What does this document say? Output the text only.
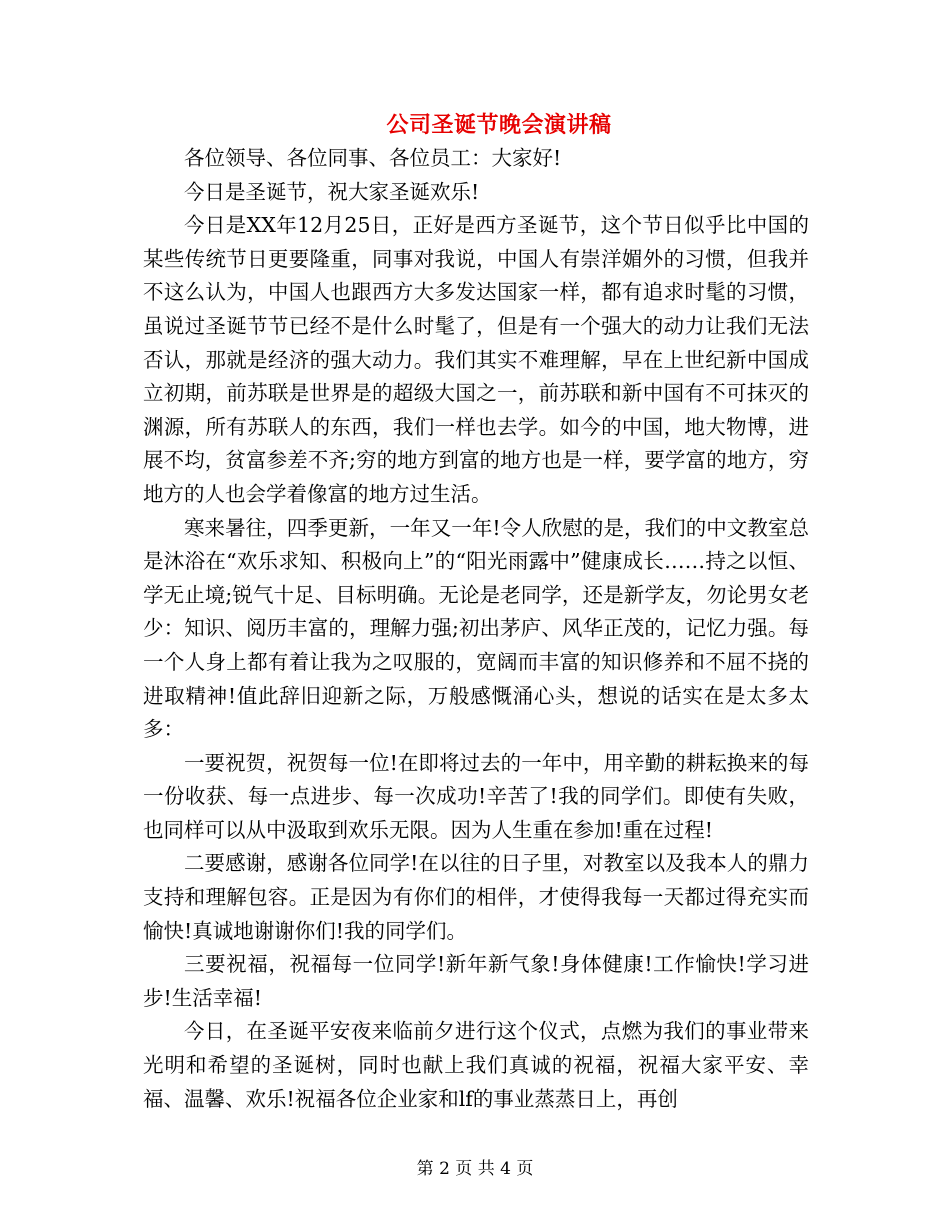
公司圣诞节晚会演讲稿

各位领导、各位同事、各位员工：大家好!

今日是圣诞节，祝大家圣诞欢乐!

今日是XX年12月25日，正好是西方圣诞节，这个节日似乎比中国的某些传统节日更要隆重，同事对我说，中国人有崇洋媚外的习惯，但我并不这么认为，中国人也跟西方大多发达国家一样，都有追求时髦的习惯，虽说过圣诞节节已经不是什么时髦了，但是有一个强大的动力让我们无法否认，那就是经济的强大动力。我们其实不难理解，早在上世纪新中国成立初期，前苏联是世界是的超级大国之一，前苏联和新中国有不可抹灭的渊源，所有苏联人的东西，我们一样也去学。如今的中国，地大物博，进展不均，贫富参差不齐;穷的地方到富的地方也是一样，要学富的地方，穷地方的人也会学着像富的地方过生活。

寒来暑往，四季更新，一年又一年!令人欣慰的是，我们的中文教室总是沐浴在“欢乐求知、积极向上”的“阳光雨露中”健康成长……持之以恒、学无止境;锐气十足、目标明确。无论是老同学，还是新学友，勿论男女老少：知识、阅历丰富的，理解力强;初出茅庐、风华正茂的，记忆力强。每一个人身上都有着让我为之叹服的，宽阔而丰富的知识修养和不屈不挠的进取精神!值此辞旧迎新之际，万般感慨涌心头，想说的话实在是太多太多：

一要祝贺，祝贺每一位!在即将过去的一年中，用辛勤的耕耘换来的每一份收获、每一点进步、每一次成功!辛苦了!我的同学们。即使有失败，也同样可以从中汲取到欢乐无限。因为人生重在参加!重在过程!

二要感谢，感谢各位同学!在以往的日子里，对教室以及我本人的鼎力支持和理解包容。正是因为有你们的相伴，才使得我每一天都过得充实而愉快!真诚地谢谢你们!我的同学们。

三要祝福，祝福每一位同学!新年新气象!身体健康!工作愉快!学习进步!生活幸福!

今日，在圣诞平安夜来临前夕进行这个仪式，点燃为我们的事业带来光明和希望的圣诞树，同时也献上我们真诚的祝福，祝福大家平安、幸福、温馨、欢乐!祝福各位企业家和lf的事业蒸蒸日上，再创

第 2 页 共 4 页
